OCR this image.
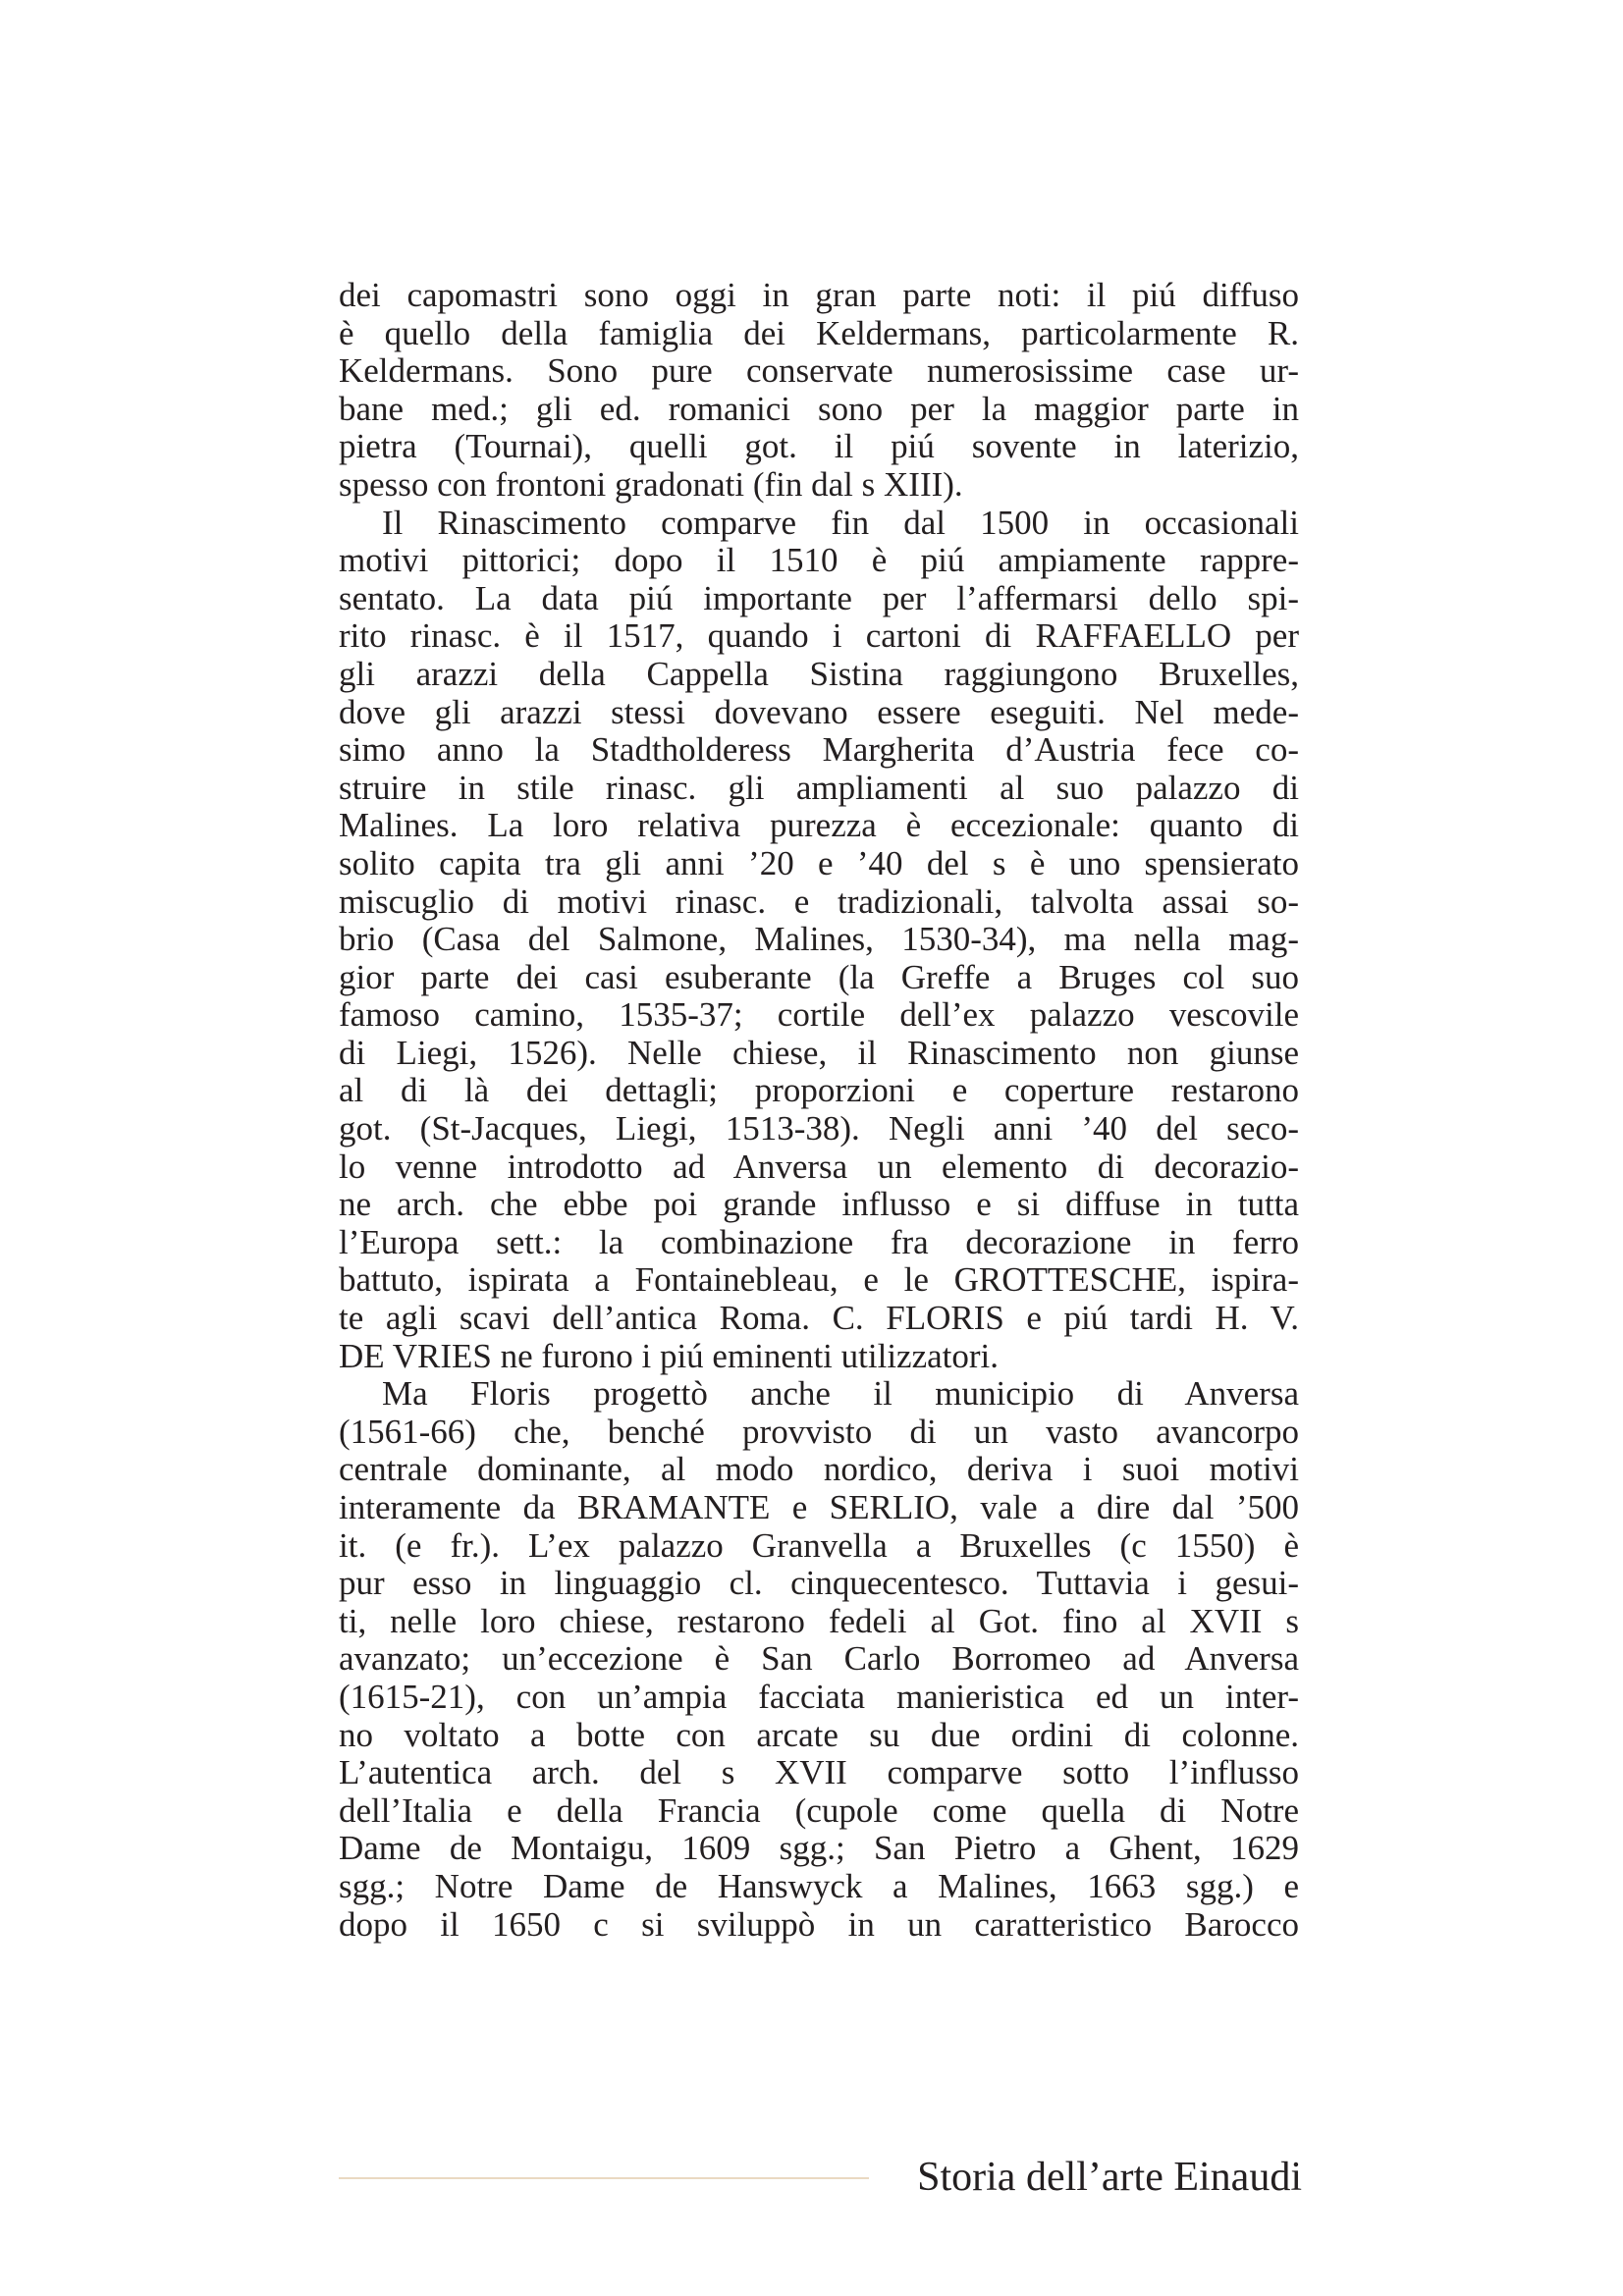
dei capomastri sono oggi in gran parte noti: il piú diffuso
è quello della famiglia dei Keldermans, particolarmente R.
Keldermans. Sono pure conservate numerosissime case ur-
bane med.; gli ed. romanici sono per la maggior parte in
pietra (Tournai), quelli got. il piú sovente in laterizio,
spesso con frontoni gradonati (fin dal s XIII).
Il Rinascimento comparve fin dal 1500 in occasionali
motivi pittorici; dopo il 1510 è piú ampiamente rappre-
sentato. La data piú importante per l’affermarsi dello spi-
rito rinasc. è il 1517, quando i cartoni di RAFFAELLO per
gli arazzi della Cappella Sistina raggiungono Bruxelles,
dove gli arazzi stessi dovevano essere eseguiti. Nel mede-
simo anno la Stadtholderess Margherita d’Austria fece co-
struire in stile rinasc. gli ampliamenti al suo palazzo di
Malines. La loro relativa purezza è eccezionale: quanto di
solito capita tra gli anni ’20 e ’40 del s è uno spensierato
miscuglio di motivi rinasc. e tradizionali, talvolta assai so-
brio (Casa del Salmone, Malines, 1530-34), ma nella mag-
gior parte dei casi esuberante (la Greffe a Bruges col suo
famoso camino, 1535-37; cortile dell’ex palazzo vescovile
di Liegi, 1526). Nelle chiese, il Rinascimento non giunse
al di là dei dettagli; proporzioni e coperture restarono
got. (St-Jacques, Liegi, 1513-38). Negli anni ’40 del seco-
lo venne introdotto ad Anversa un elemento di decorazio-
ne arch. che ebbe poi grande influsso e si diffuse in tutta
l’Europa sett.: la combinazione fra decorazione in ferro
battuto, ispirata a Fontainebleau, e le GROTTESCHE, ispira-
te agli scavi dell’antica Roma. C. FLORIS e piú tardi H. V.
DE VRIES ne furono i piú eminenti utilizzatori.
Ma Floris progettò anche il municipio di Anversa
(1561-66) che, benché provvisto di un vasto avancorpo
centrale dominante, al modo nordico, deriva i suoi motivi
interamente da BRAMANTE e SERLIO, vale a dire dal ’500
it. (e fr.). L’ex palazzo Granvella a Bruxelles (c 1550) è
pur esso in linguaggio cl. cinquecentesco. Tuttavia i gesui-
ti, nelle loro chiese, restarono fedeli al Got. fino al XVII s
avanzato; un’eccezione è San Carlo Borromeo ad Anversa
(1615-21), con un’ampia facciata manieristica ed un inter-
no voltato a botte con arcate su due ordini di colonne.
L’autentica arch. del s XVII comparve sotto l’influsso
dell’Italia e della Francia (cupole come quella di Notre
Dame de Montaigu, 1609 sgg.; San Pietro a Ghent, 1629
sgg.; Notre Dame de Hanswyck a Malines, 1663 sgg.) e
dopo il 1650 c si sviluppò in un caratteristico Barocco
Storia dell’arte Einaudi
